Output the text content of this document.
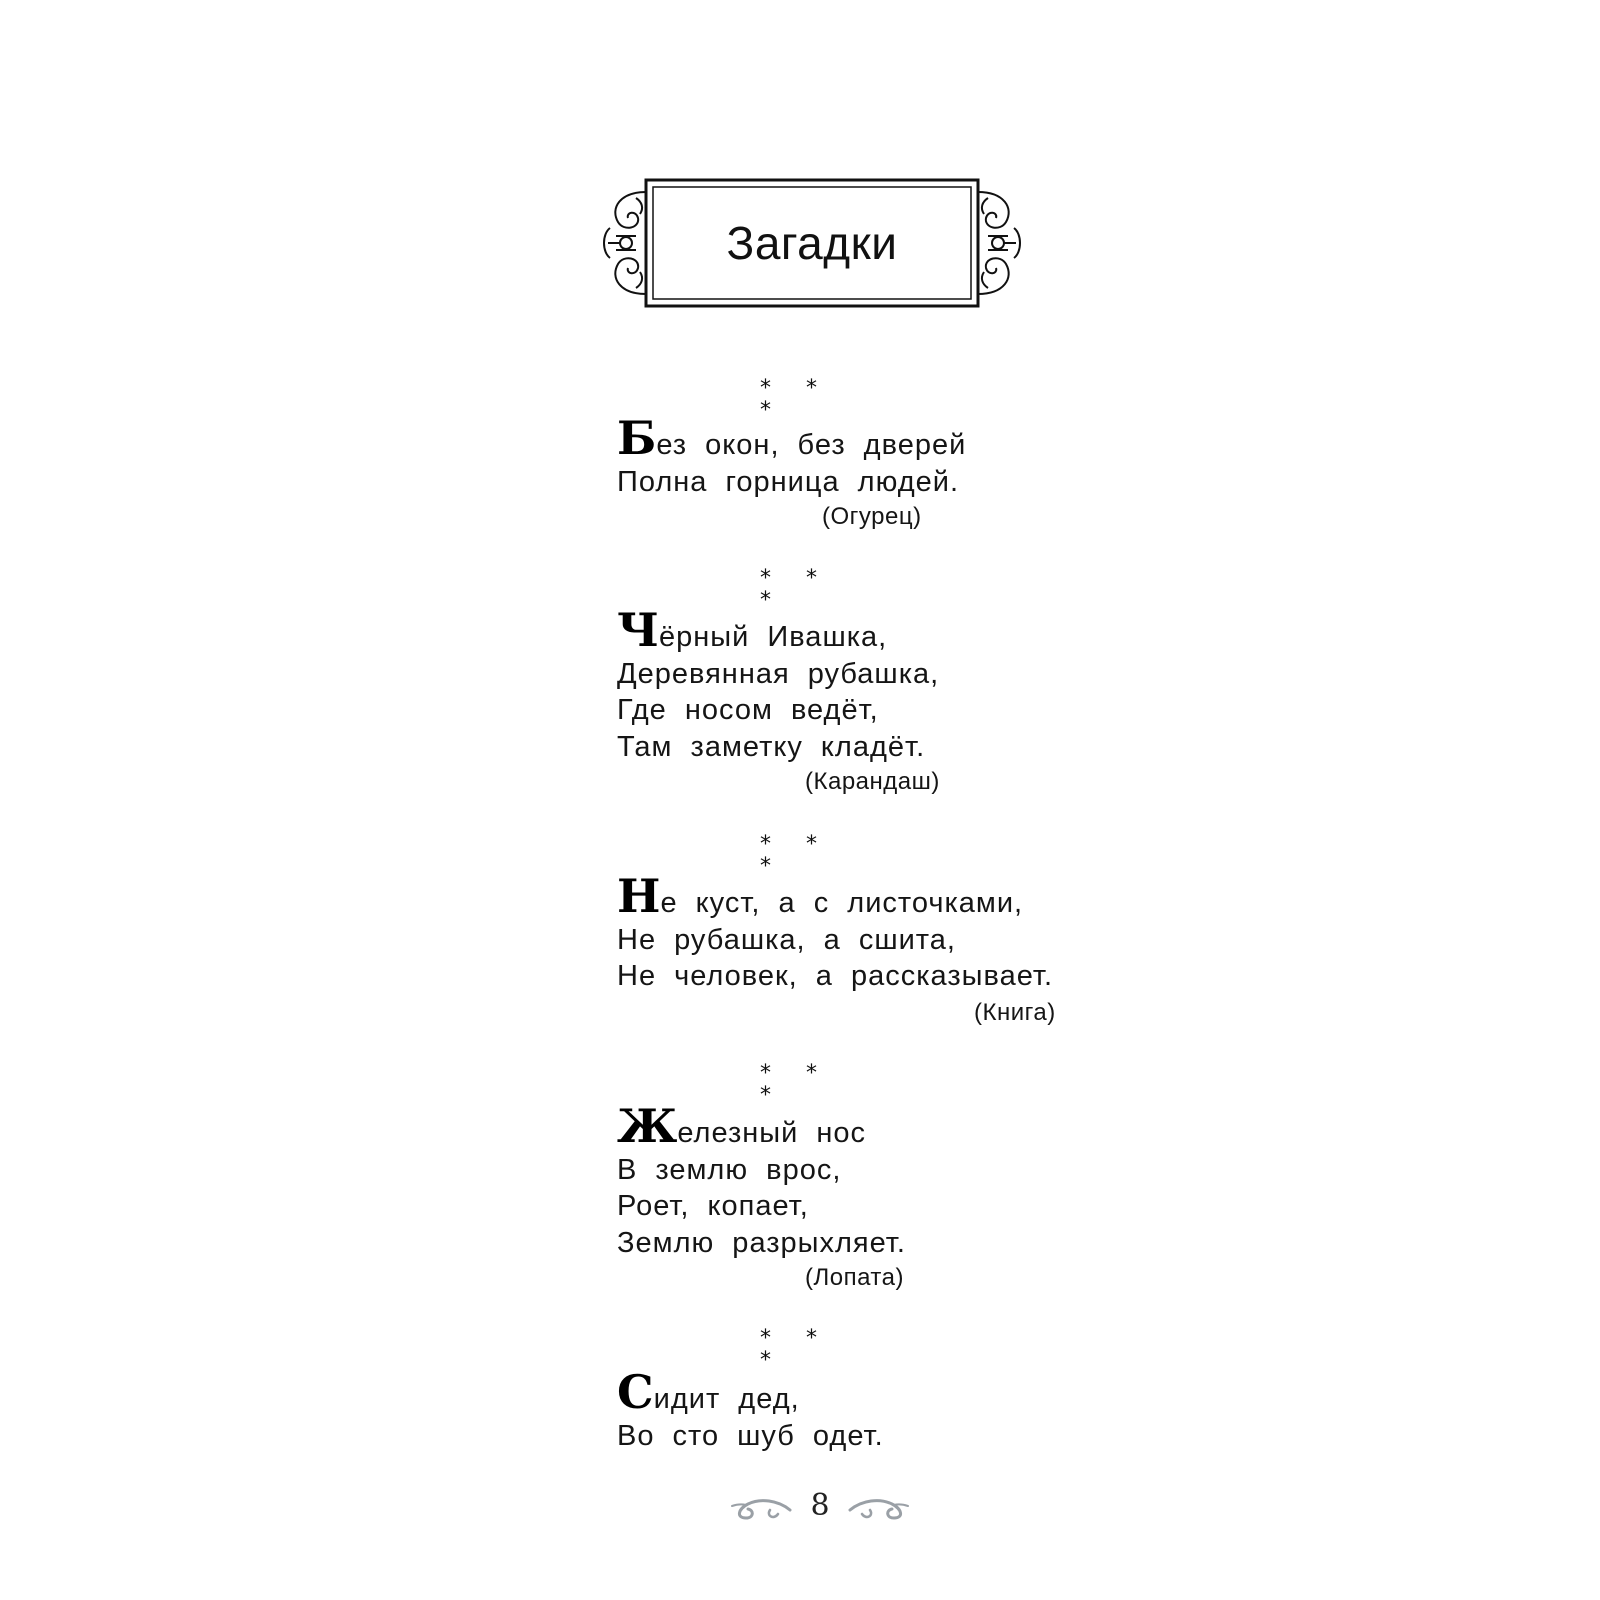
Загадки
* * *
Без окон, без дверей
Полна горница людей.
(Огурец)
* * *
Чёрный Ивашка,
Деревянная рубашка,
Где носом ведёт,
Там заметку кладёт.
(Карандаш)
* * *
Не куст, а с листочками,
Не рубашка, а сшита,
Не человек, а рассказывает.
(Книга)
* * *
Железный нос
В землю врос,
Роет, копает,
Землю разрыхляет.
(Лопата)
* * *
Сидит дед,
Во сто шуб одет.
8
